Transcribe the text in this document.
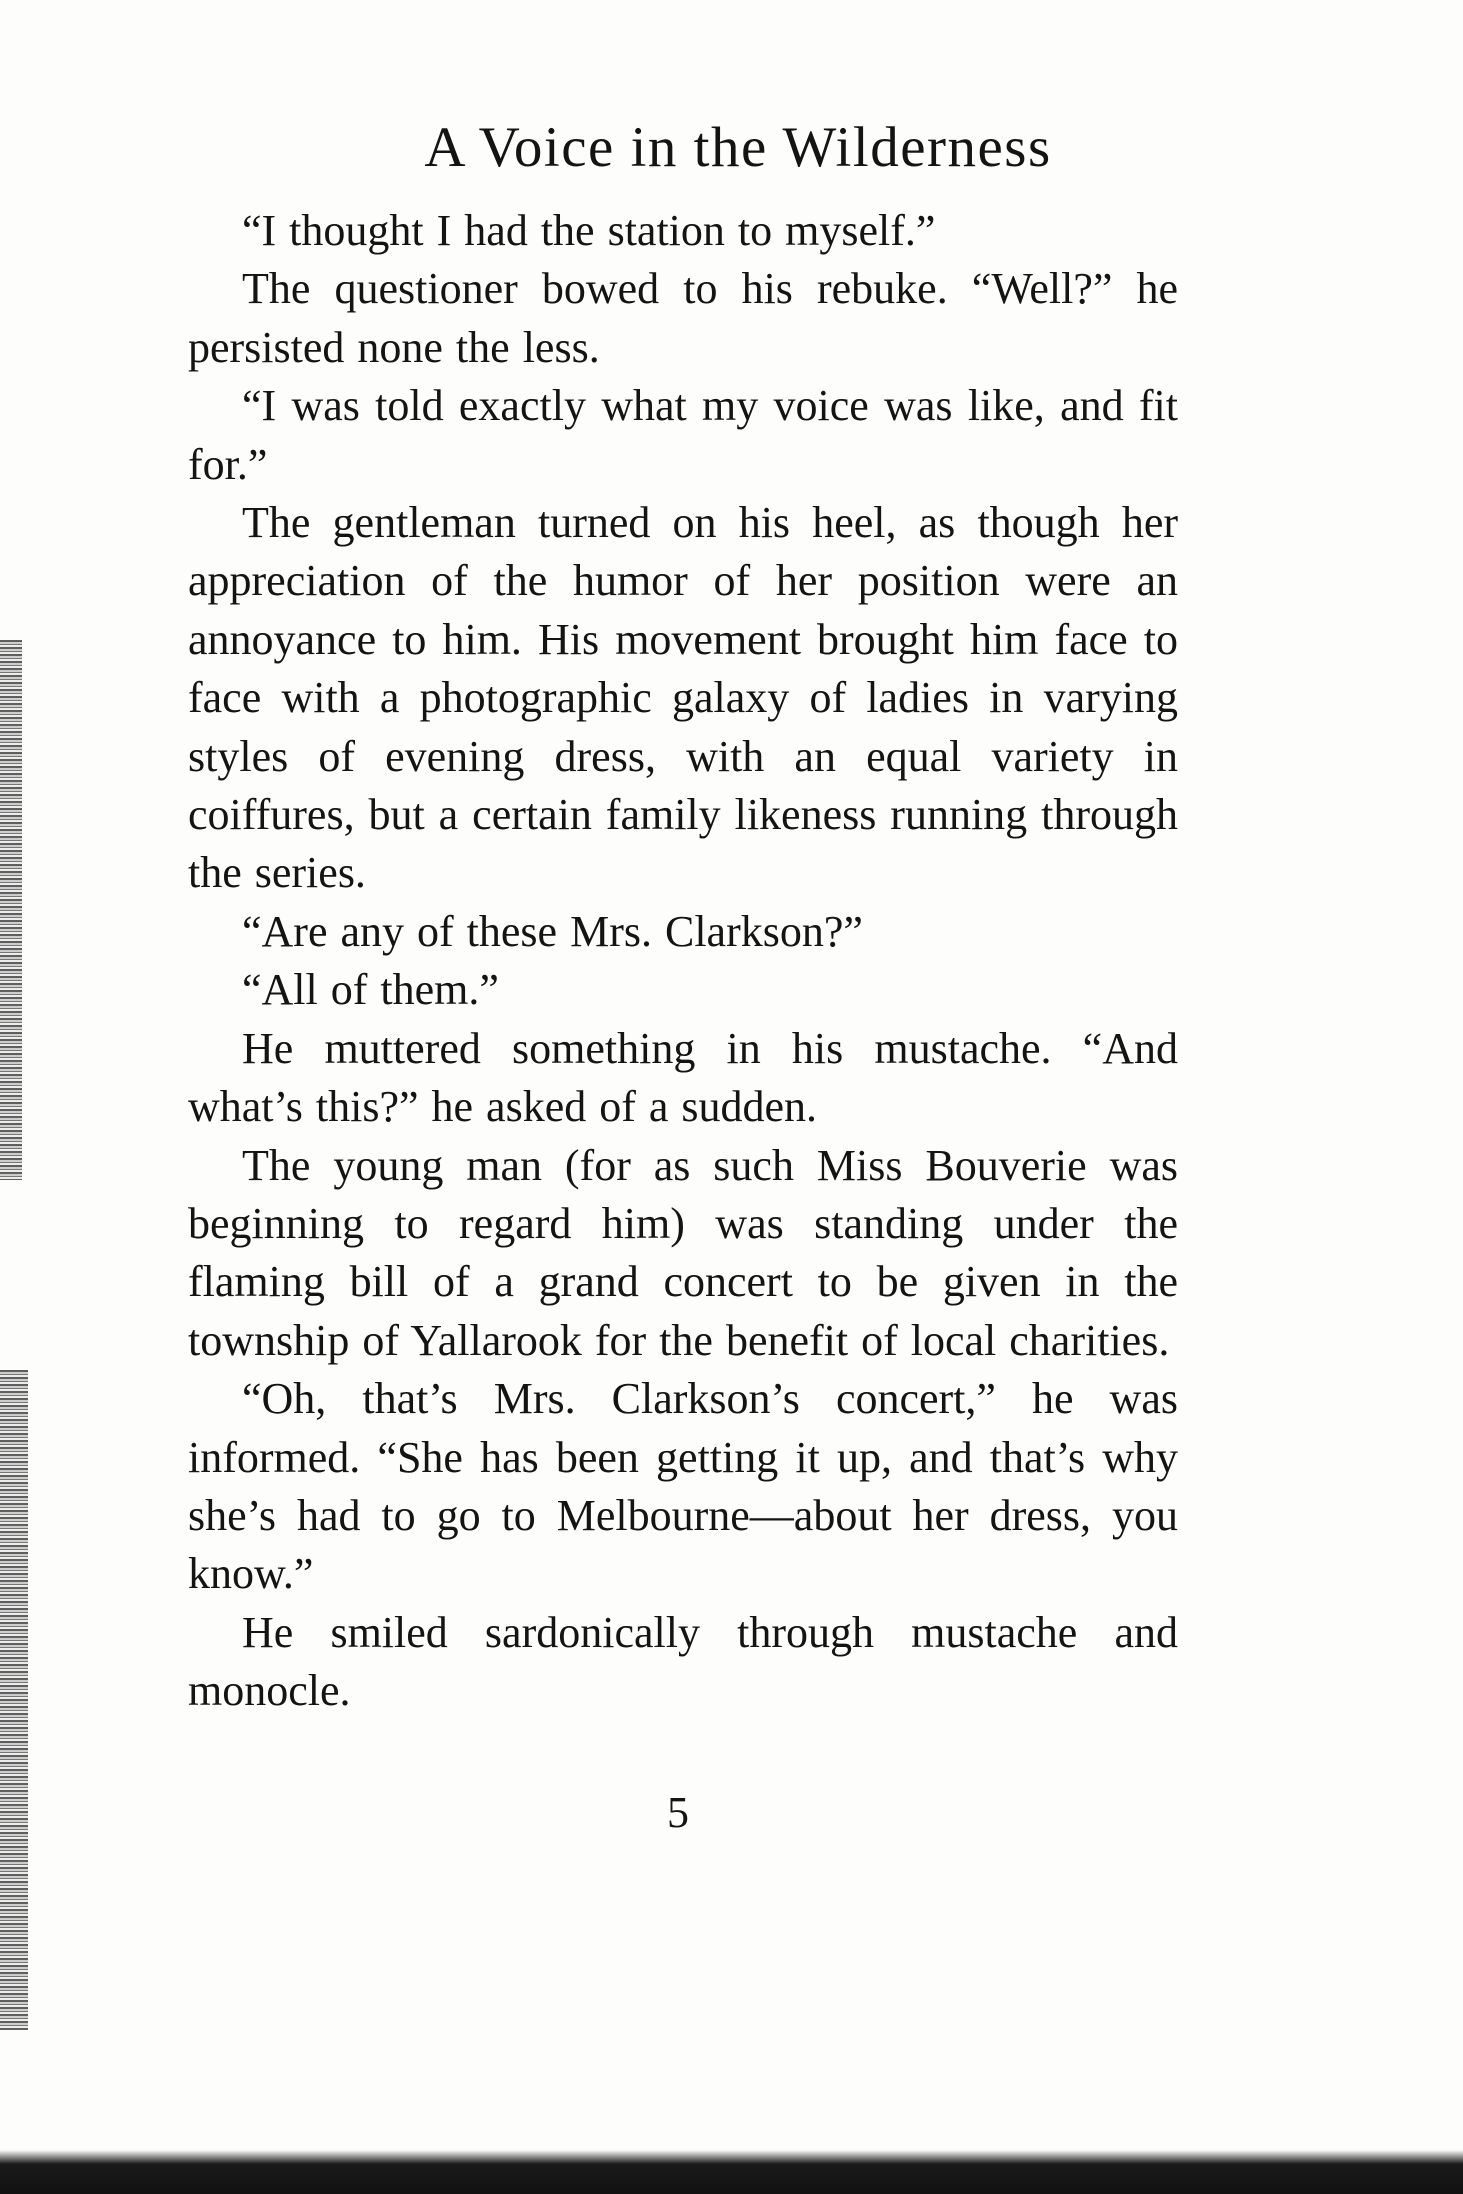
A Voice in the Wilderness

“I thought I had the station to myself.”

The questioner bowed to his rebuke. “Well?” he persisted none the less.

“I was told exactly what my voice was like, and fit for.”

The gentleman turned on his heel, as though her appreciation of the humor of her position were an annoyance to him. His movement brought him face to face with a photographic galaxy of ladies in varying styles of evening dress, with an equal variety in coiffures, but a certain family likeness running through the series.

“Are any of these Mrs. Clarkson?”

“All of them.”

He muttered something in his mustache. “And what’s this?” he asked of a sudden.

The young man (for as such Miss Bouverie was beginning to regard him) was standing under the flaming bill of a grand concert to be given in the township of Yallarook for the benefit of local charities.

“Oh, that’s Mrs. Clarkson’s concert,” he was informed. “She has been getting it up, and that’s why she’s had to go to Melbourne—about her dress, you know.”

He smiled sardonically through mustache and monocle.

5
